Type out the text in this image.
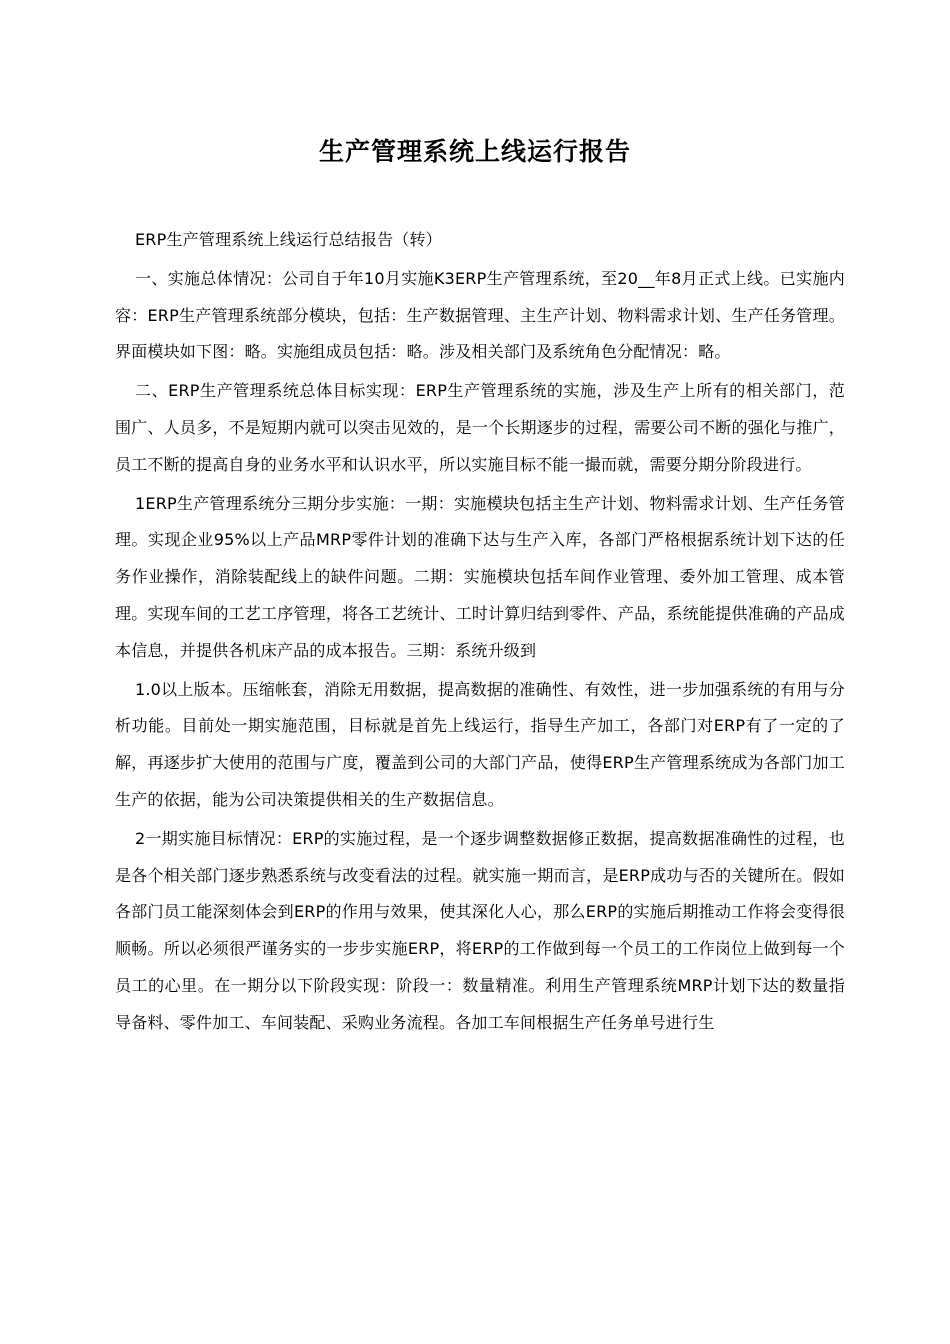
生产管理系统上线运行报告

ERP生产管理系统上线运行总结报告（转）

一、实施总体情况：公司自于年10月实施K3ERP生产管理系统，至20__年8月正式上线。已实施内容：ERP生产管理系统部分模块，包括：生产数据管理、主生产计划、物料需求计划、生产任务管理。界面模块如下图：略。实施组成员包括：略。涉及相关部门及系统角色分配情况：略。

二、ERP生产管理系统总体目标实现：ERP生产管理系统的实施，涉及生产上所有的相关部门，范围广、人员多，不是短期内就可以突击见效的，是一个长期逐步的过程，需要公司不断的强化与推广，员工不断的提高自身的业务水平和认识水平，所以实施目标不能一撮而就，需要分期分阶段进行。

1ERP生产管理系统分三期分步实施：一期：实施模块包括主生产计划、物料需求计划、生产任务管理。实现企业95%以上产品MRP零件计划的准确下达与生产入库，各部门严格根据系统计划下达的任务作业操作，消除装配线上的缺件问题。二期：实施模块包括车间作业管理、委外加工管理、成本管理。实现车间的工艺工序管理，将各工艺统计、工时计算归结到零件、产品，系统能提供准确的产品成本信息，并提供各机床产品的成本报告。三期：系统升级到

1.0以上版本。压缩帐套，消除无用数据，提高数据的准确性、有效性，进一步加强系统的有用与分析功能。目前处一期实施范围，目标就是首先上线运行，指导生产加工，各部门对ERP有了一定的了解，再逐步扩大使用的范围与广度，覆盖到公司的大部门产品，使得ERP生产管理系统成为各部门加工生产的依据，能为公司决策提供相关的生产数据信息。

2一期实施目标情况：ERP的实施过程，是一个逐步调整数据修正数据，提高数据准确性的过程，也是各个相关部门逐步熟悉系统与改变看法的过程。就实施一期而言，是ERP成功与否的关键所在。假如各部门员工能深刻体会到ERP的作用与效果，使其深化人心，那么ERP的实施后期推动工作将会变得很顺畅。所以必须很严谨务实的一步步实施ERP，将ERP的工作做到每一个员工的工作岗位上做到每一个员工的心里。在一期分以下阶段实现：阶段一：数量精准。利用生产管理系统MRP计划下达的数量指导备料、零件加工、车间装配、采购业务流程。各加工车间根据生产任务单号进行生
